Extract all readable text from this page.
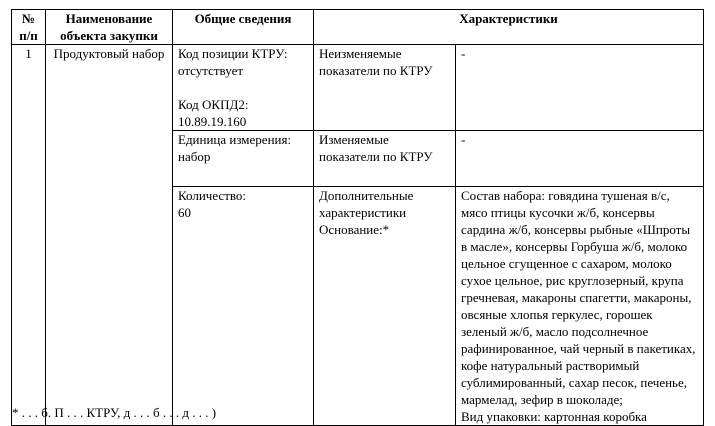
№ п/п	Наименование объекта закупки	Общие сведения	Характеристики	
1	Продуктовый набор	Код позиции КТРУ:
отсутствует
Код ОКПД2:
10.89.19.160	Неизменяемые показатели по КТРУ	-
		Единица измерения:
набор	Изменяемые показатели по КТРУ	-
		Количество:
60	Дополнительные характеристики
Основание:*	Состав набора: говядина тушеная в/с, мясо птицы кусочки ж/б, консервы сардина ж/б, консервы рыбные «Шпроты в масле», консервы Горбуша ж/б, молоко цельное сгущенное с сахаром, молоко сухое цельное, рис круглозерный, крупа гречневая, макароны спагетти, макароны, овсяные хлопья геркулес, горошек зеленый ж/б, масло подсолнечное рафинированное, чай черный в пакетиках, кофе натуральный растворимый сублимированный, сахар песок, печенье, мармелад, зефир в шоколаде;
Вид упаковки: картонная коробка
* . . . б. П . . . КТРУ, д . . . б . . . д . . . )
